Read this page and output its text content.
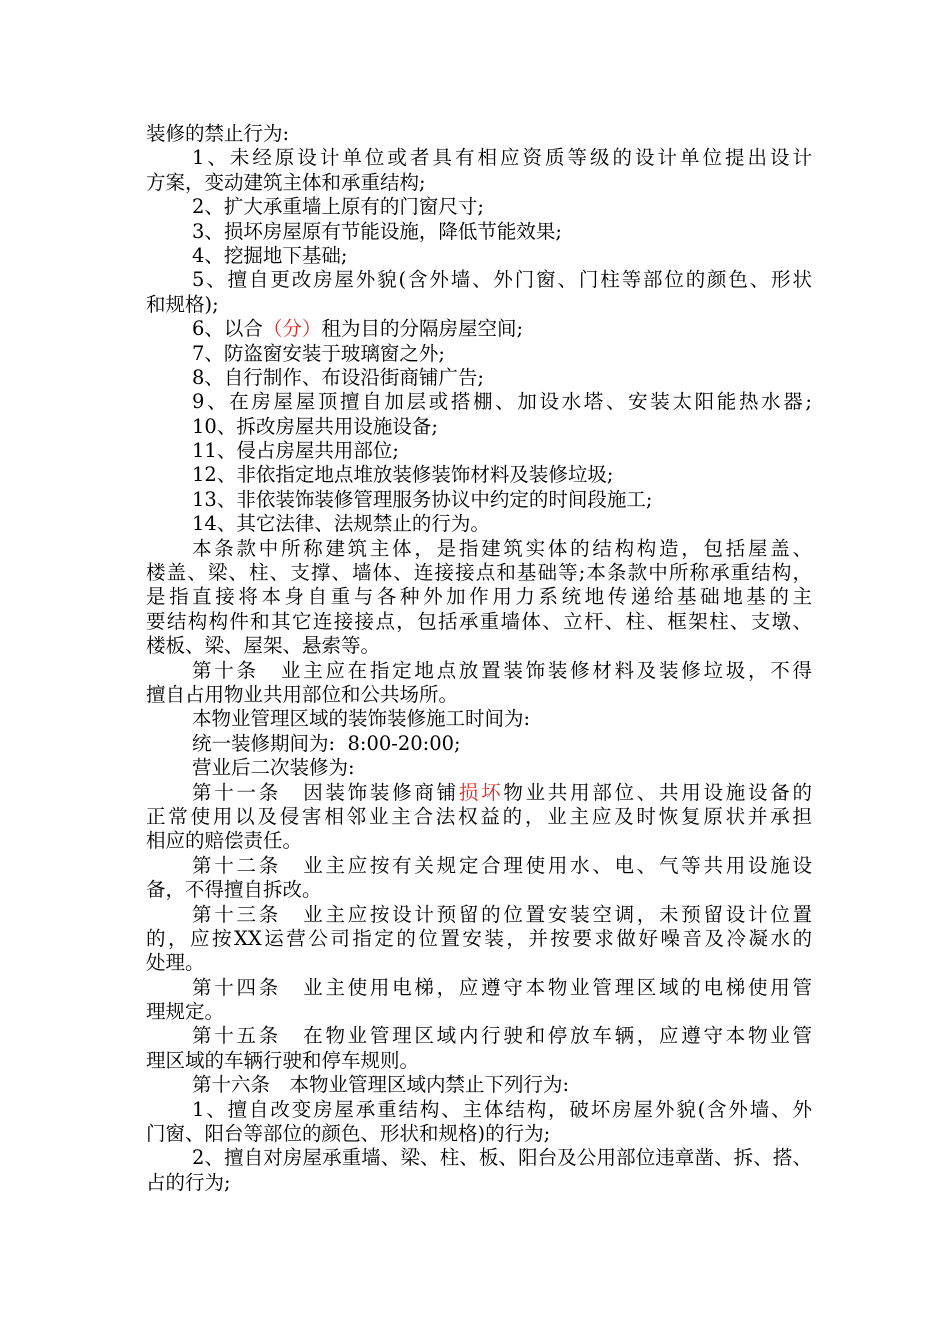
装修的禁止行为:
1、未经原设计单位或者具有相应资质等级的设计单位提出设计
方案，变动建筑主体和承重结构;
2、扩大承重墙上原有的门窗尺寸;
3、损坏房屋原有节能设施，降低节能效果;
4、挖掘地下基础;
5、擅自更改房屋外貌(含外墙、外门窗、门柱等部位的颜色、形状
和规格);
6、以合（分）租为目的分隔房屋空间;
7、防盗窗安装于玻璃窗之外;
8、自行制作、布设沿街商铺广告;
9、在房屋屋顶擅自加层或搭棚、加设水塔、安装太阳能热水器;
10、拆改房屋共用设施设备;
11、侵占房屋共用部位;
12、非依指定地点堆放装修装饰材料及装修垃圾;
13、非依装饰装修管理服务协议中约定的时间段施工;
14、其它法律、法规禁止的行为。
本条款中所称建筑主体，是指建筑实体的结构构造，包括屋盖、
楼盖、梁、柱、支撑、墙体、连接接点和基础等;本条款中所称承重结构，
是指直接将本身自重与各种外加作用力系统地传递给基础地基的主
要结构构件和其它连接接点，包括承重墙体、立杆、柱、框架柱、支墩、
楼板、梁、屋架、悬索等。
第十条　业主应在指定地点放置装饰装修材料及装修垃圾，不得
擅自占用物业共用部位和公共场所。
本物业管理区域的装饰装修施工时间为:
统一装修期间为:  8:00-20:00;
营业后二次装修为:
第十一条　因装饰装修商铺损坏物业共用部位、共用设施设备的
正常使用以及侵害相邻业主合法权益的，业主应及时恢复原状并承担
相应的赔偿责任。
第十二条　业主应按有关规定合理使用水、电、气等共用设施设
备，不得擅自拆改。
第十三条　业主应按设计预留的位置安装空调，未预留设计位置
的，应按XX运营公司指定的位置安装，并按要求做好噪音及冷凝水的
处理。
第十四条　业主使用电梯，应遵守本物业管理区域的电梯使用管
理规定。
第十五条　在物业管理区域内行驶和停放车辆，应遵守本物业管
理区域的车辆行驶和停车规则。
第十六条　本物业管理区域内禁止下列行为:
1、擅自改变房屋承重结构、主体结构，破坏房屋外貌(含外墙、外
门窗、阳台等部位的颜色、形状和规格)的行为;
2、擅自对房屋承重墙、梁、柱、板、阳台及公用部位违章凿、拆、搭、
占的行为;
